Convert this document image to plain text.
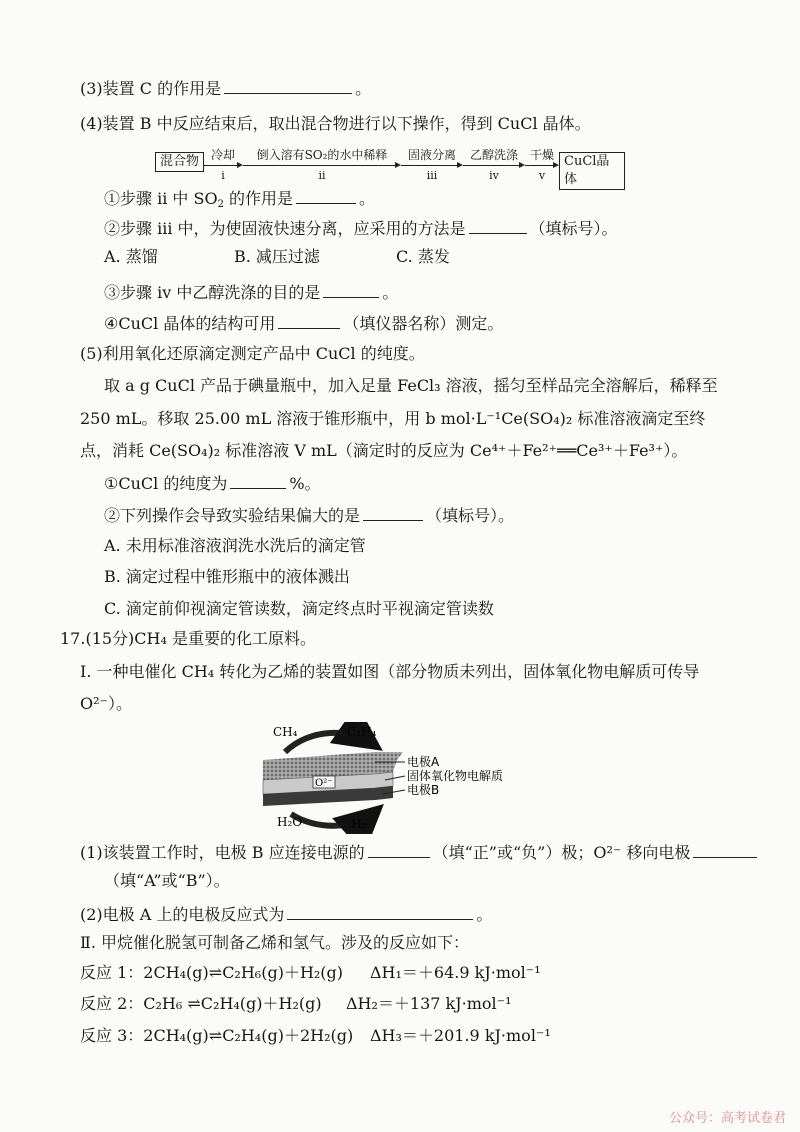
(3)装置 C 的作用是	。
(4)装置 B 中反应结束后，取出混合物进行以下操作，得到 CuCl 晶体。
混合物 冷却
i
倒入溶有SO₂的水中稀释
ii
固液分离
iii
乙醇洗涤
iv
干燥
v
CuCl晶体
①步骤 ii 中 $SO_2$ 的作用是	。
②步骤 iii 中，为使固液快速分离，应采用的方法是	（填标号）。
A. 蒸馏	B. 减压过滤	C. 蒸发
③步骤 iv 中乙醇洗涤的目的是	。
④CuCl 晶体的结构可用	（填仪器名称）测定。
(5)利用氧化还原滴定测定产品中 CuCl 的纯度。
取 a g CuCl 产品于碘量瓶中，加入足量 FeCl₃ 溶液，摇匀至样品完全溶解后，稀释至
250 mL。移取 25.00 mL 溶液于锥形瓶中，用 b mol·L⁻¹Ce(SO₄)₂ 标准溶液滴定至终
点，消耗 Ce(SO₄)₂ 标准溶液 V mL（滴定时的反应为 Ce⁴⁺＋Fe²⁺══Ce³⁺＋Fe³⁺）。
①CuCl 的纯度为	%。
②下列操作会导致实验结果偏大的是	（填标号）。
A. 未用标准溶液润洗水洗后的滴定管
B. 滴定过程中锥形瓶中的液体溅出
C. 滴定前仰视滴定管读数，滴定终点时平视滴定管读数
17.(15分)CH₄ 是重要的化工原料。
Ⅰ. 一种电催化 CH₄ 转化为乙烯的装置如图（部分物质未列出，固体氧化物电解质可传导
O²⁻）。
O²⁻
CH₄	C₂H₄
H₂O	H₂
电极A
固体氧化物电解质
电极B
(1)该装置工作时，电极 B 应连接电源的	（填“正”或“负”）极；O²⁻ 移向电极
（填“A”或“B”）。
(2)电极 A 上的电极反应式为	。
Ⅱ. 甲烷催化脱氢可制备乙烯和氢气。涉及的反应如下：
反应 1：2CH₄(g)⇌C₂H₆(g)＋H₂(g) ΔH₁＝＋64.9 kJ·mol⁻¹
反应 2：C₂H₆ ⇌C₂H₄(g)＋H₂(g) ΔH₂＝＋137 kJ·mol⁻¹
反应 3：2CH₄(g)⇌C₂H₄(g)＋2H₂(g) ΔH₃＝＋201.9 kJ·mol⁻¹
公众号：高考试卷君
